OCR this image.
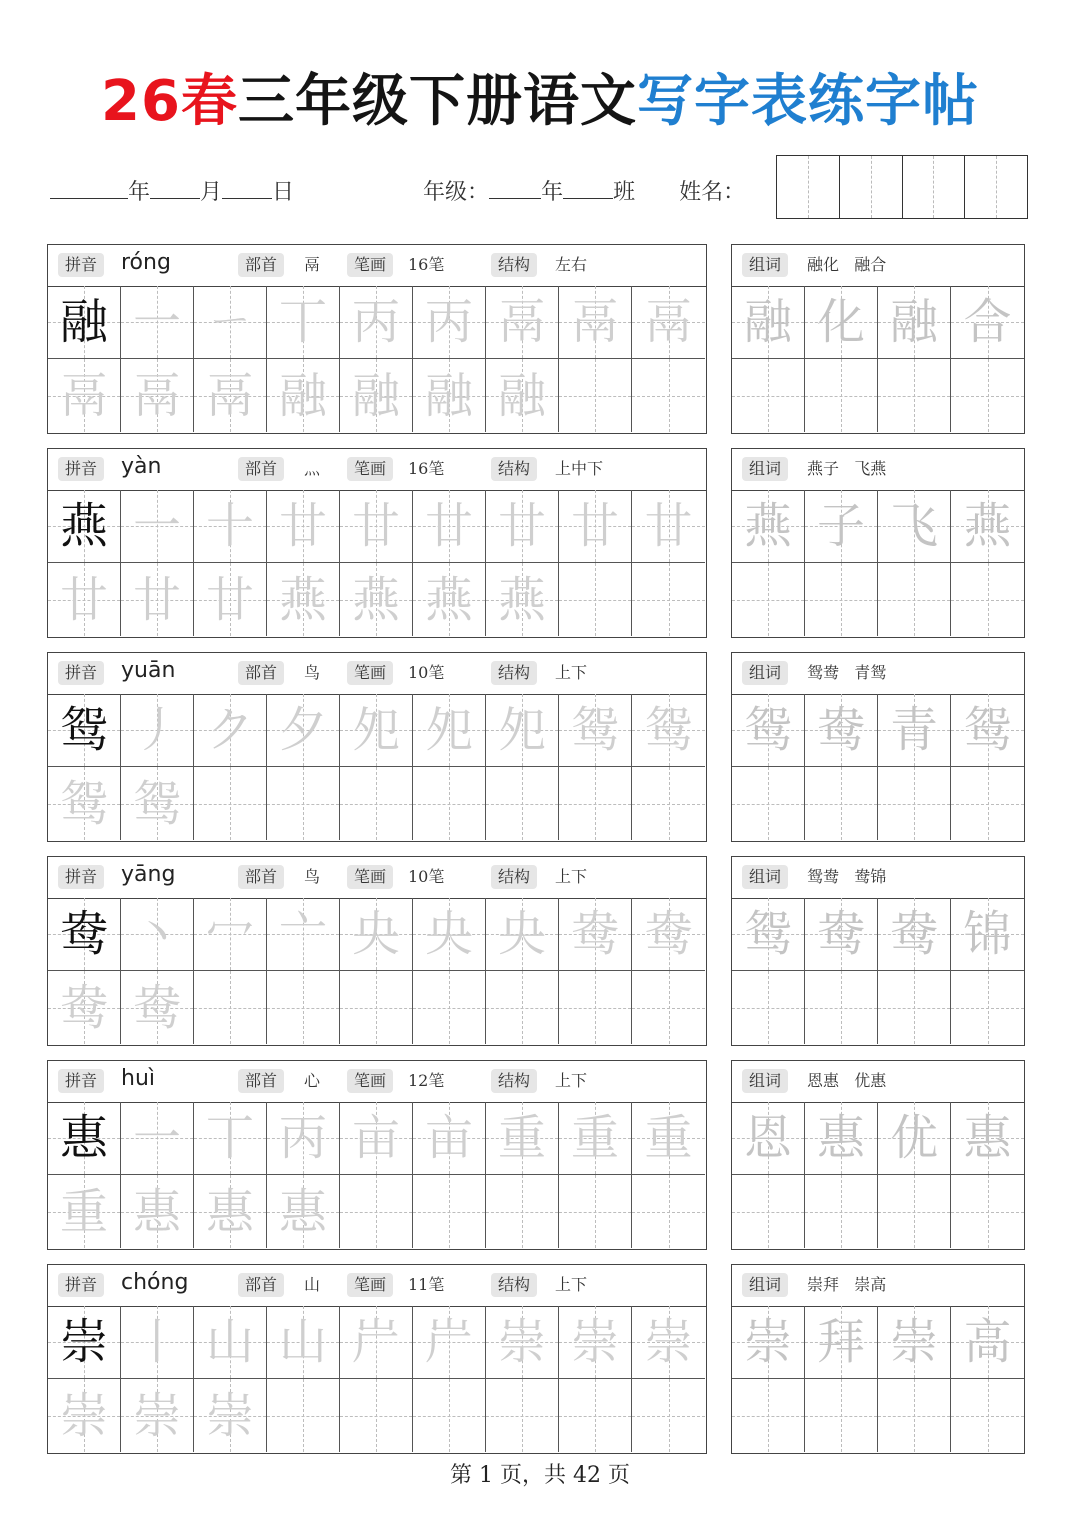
26春三年级下册语文写字表练字帖
年 月 日	年级： 年 班 姓名：
拼音	róng	部首	鬲	笔画	16笔	结构	左右
融 一 ㄧ 丅 丙 丙 鬲 鬲 鬲
鬲 鬲 鬲 融 融 融 融
组词	融化   融合
融 化 融 合
拼音	yàn	部首	灬	笔画	16笔	结构	上中下
燕 一 十 廿 廿 廿 廿 廿 廿
廿 廿 廿 燕 燕 燕 燕
组词	燕子   飞燕
燕 子 飞 燕
拼音	yuān	部首	鸟	笔画	10笔	结构	上下
鸳 丿 ク 夕 夗 夗 夗 鸳 鸳
鸳 鸳
组词	鸳鸯   青鸳
鸳 鸯 青 鸳
拼音	yāng	部首	鸟	笔画	10笔	结构	上下
鸯 丶 冖 亠 央 央 央 鸯 鸯
鸯 鸯
组词	鸳鸯   鸯锦
鸳 鸯 鸯 锦
拼音	huì	部首	心	笔画	12笔	结构	上下
惠 一 丅 丙 亩 亩 重 重 重
重 惠 惠 惠
组词	恩惠   优惠
恩 惠 优 惠
拼音	chóng	部首	山	笔画	11笔	结构	上下
崇 丨 山 山 屵 屵 崇 崇 崇
崇 崇 崇
组词	崇拜   崇高
崇 拜 崇 高
第 1 页，共 42 页
